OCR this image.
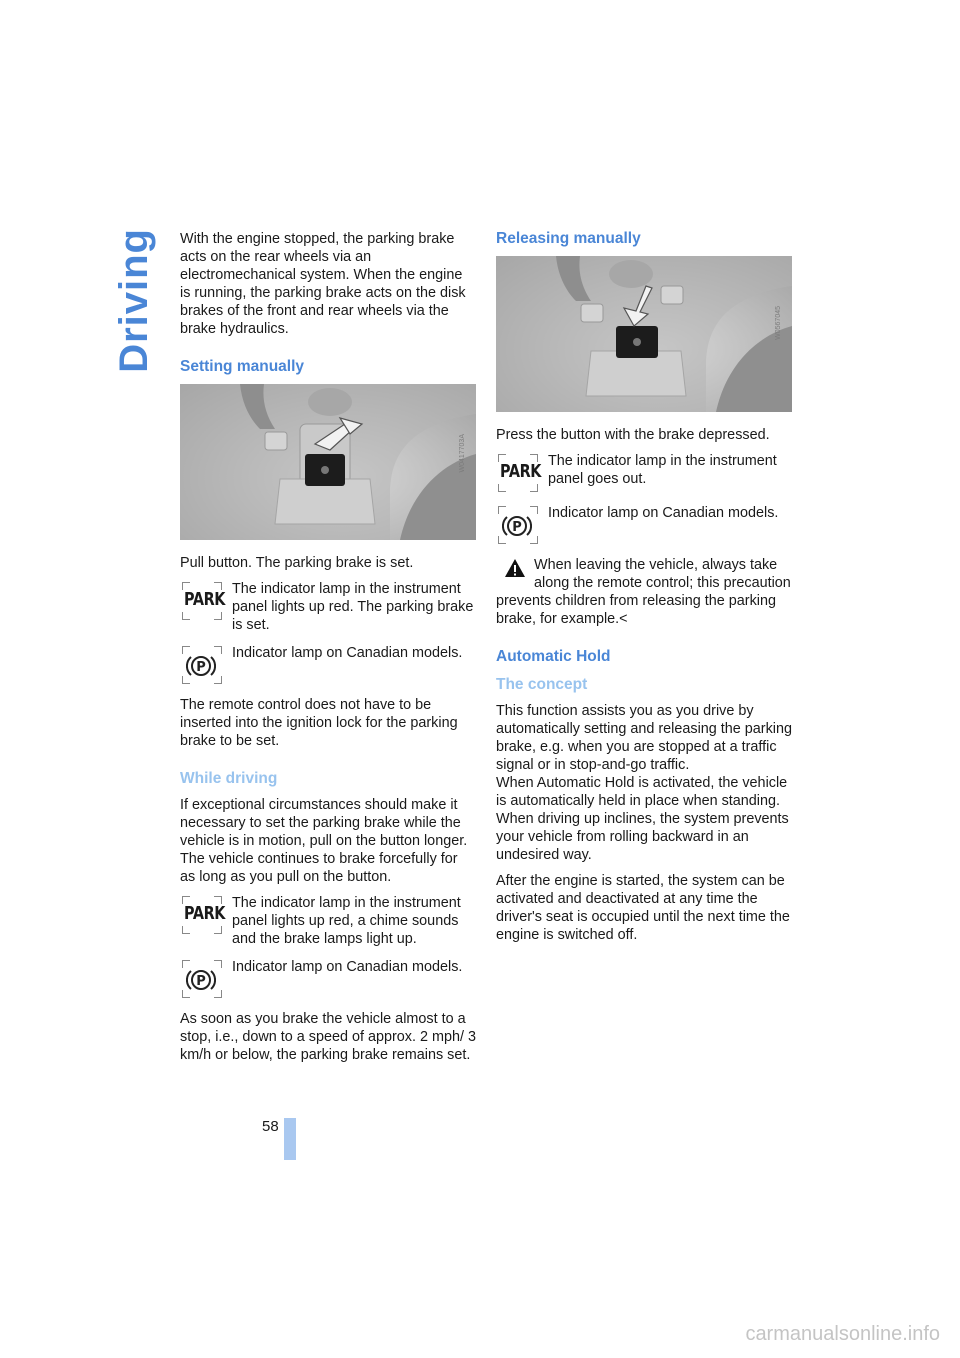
Driving
58
carmanualsonline.info

With the engine stopped, the parking brake acts on the rear wheels via an electromechanical system. When the engine is running, the parking brake acts on the disk brakes of the front and rear wheels via the brake hydraulics.

Setting manually
W0417703A

Pull button. The parking brake is set.

PARK The indicator lamp in the instrument panel lights up red. The parking brake is set.
P
Indicator lamp on Canadian models.

The remote control does not have to be inserted into the ignition lock for the parking brake to be set.

While driving

If exceptional circumstances should make it necessary to set the parking brake while the vehicle is in motion, pull on the button longer. The vehicle continues to brake forcefully for as long as you pull on the button.

PARK The indicator lamp in the instrument panel lights up red, a chime sounds and the brake lamps light up.
P
Indicator lamp on Canadian models.

As soon as you brake the vehicle almost to a stop, i.e., down to a speed of approx. 2 mph/ 3 km/h or below, the parking brake remains set.

Releasing manually
W0567045

Press the button with the brake depressed.

PARK The indicator lamp in the instrument panel goes out.
P
Indicator lamp on Canadian models.
When leaving the vehicle, always take along the remote control; this precaution prevents children from releasing the parking brake, for example.<
Automatic Hold
The concept

This function assists you as you drive by automatically setting and releasing the parking brake, e.g. when you are stopped at a traffic signal or in stop-and-go traffic.

When Automatic Hold is activated, the vehicle is automatically held in place when standing.

When driving up inclines, the system prevents your vehicle from rolling backward in an undesired way.

After the engine is started, the system can be activated and deactivated at any time the driver's seat is occupied until the next time the engine is switched off.
